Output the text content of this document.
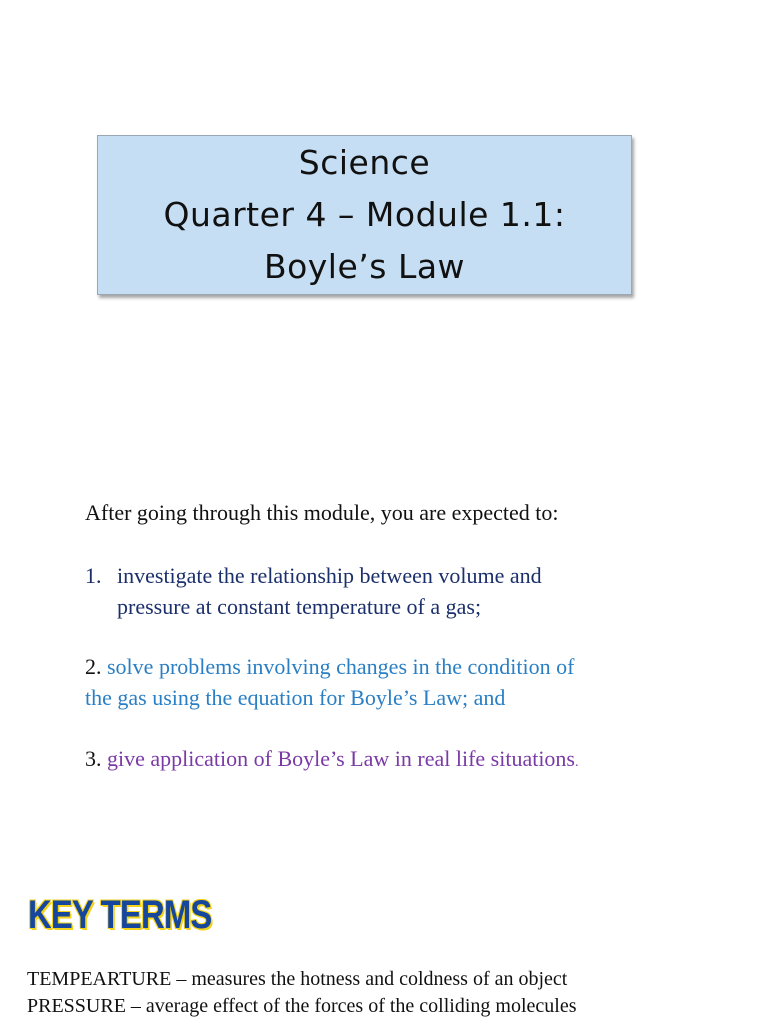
Science
Quarter 4 – Module 1.1:
Boyle’s Law
After going through this module, you are expected to:
1. investigate the relationship between volume and
pressure at constant temperature of a gas;
2. solve problems involving changes in the condition of
the gas using the equation for Boyle’s Law; and
3. give application of Boyle’s Law in real life situations.
KEY TERMS
TEMPEARTURE – measures the hotness and coldness of an object
PRESSURE – average effect of the forces of the colliding molecules
